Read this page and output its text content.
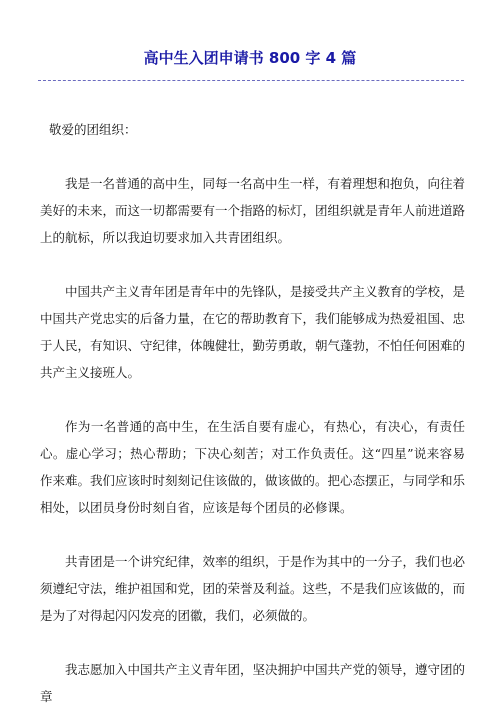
高中生入团申请书 800 字 4 篇

敬爱的团组织：

我是一名普通的高中生，同每一名高中生一样，有着理想和抱负，向往着美好的未来，而这一切都需要有一个指路的标灯，团组织就是青年人前进道路上的航标，所以我迫切要求加入共青团组织。

中国共产主义青年团是青年中的先锋队，是接受共产主义教育的学校，是中国共产党忠实的后备力量，在它的帮助教育下，我们能够成为热爱祖国、忠于人民，有知识、守纪律，体魄健壮，勤劳勇敢，朝气蓬勃，不怕任何困难的共产主义接班人。

作为一名普通的高中生，在生活自要有虚心，有热心，有决心，有责任心。虚心学习；热心帮助；下决心刻苦；对工作负责任。这“四星”说来容易作来难。我们应该时时刻刻记住该做的，做该做的。把心态摆正，与同学和乐相处，以团员身份时刻自省，应该是每个团员的必修课。

共青团是一个讲究纪律，效率的组织，于是作为其中的一分子，我们也必须遵纪守法，维护祖国和党，团的荣誉及利益。这些，不是我们应该做的，而是为了对得起闪闪发亮的团徽，我们，必须做的。

我志愿加入中国共产主义青年团，坚决拥护中国共产党的领导，遵守团的章
